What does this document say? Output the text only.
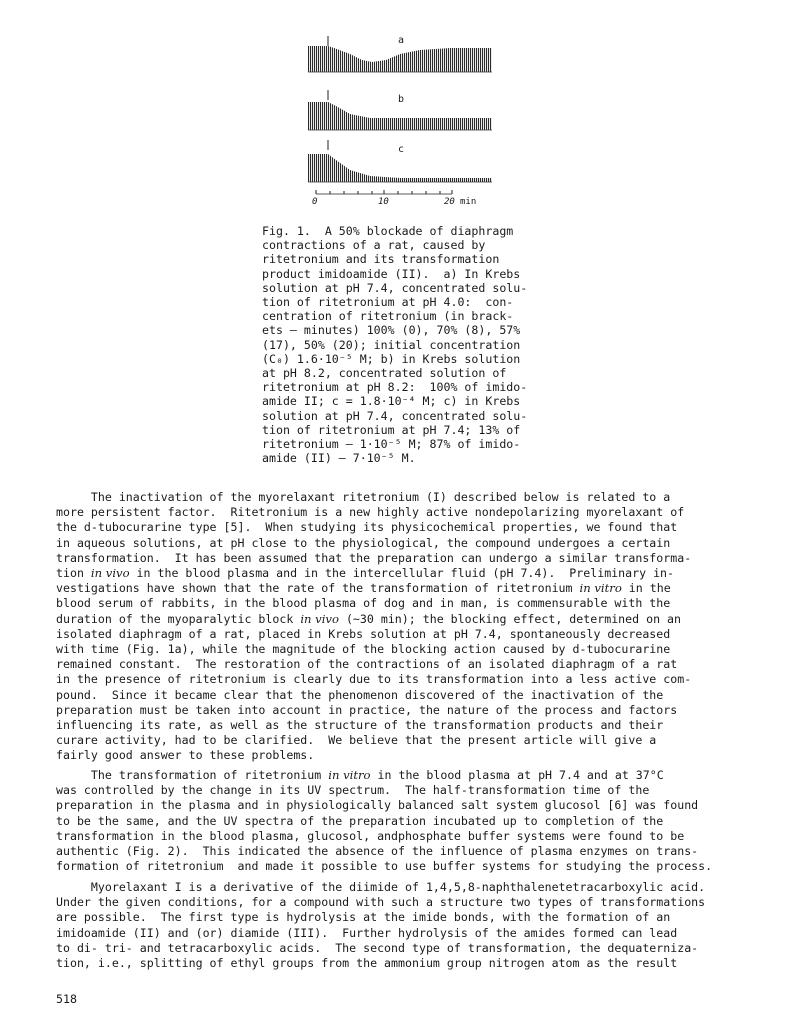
a
b
c
0	10	20 min
Fig. 1.  A 50% blockade of diaphragm
contractions of a rat, caused by
ritetronium and its transformation
product imidoamide (II).  a) In Krebs
solution at pH 7.4, concentrated solu-
tion of ritetronium at pH 4.0:  con-
centration of ritetronium (in brack-
ets — minutes) 100% (0), 70% (8), 57%
(17), 50% (20); initial concentration
(C₀) 1.6·10⁻⁵ M; b) in Krebs solution
at pH 8.2, concentrated solution of
ritetronium at pH 8.2:  100% of imido-
amide II; c = 1.8·10⁻⁴ M; c) in Krebs
solution at pH 7.4, concentrated solu-
tion of ritetronium at pH 7.4; 13% of
ritetronium — 1·10⁻⁵ M; 87% of imido-
amide (II) — 7·10⁻⁵ M.
The inactivation of the myorelaxant ritetronium (I) described below is related to a
more persistent factor.  Ritetronium is a new highly active nondepolarizing myorelaxant of
the d-tubocurarine type [5].  When studying its physicochemical properties, we found that
in aqueous solutions, at pH close to the physiological, the compound undergoes a certain
transformation.  It has been assumed that the preparation can undergo a similar transforma-
tion in vivo in the blood plasma and in the intercellular fluid (pH 7.4).  Preliminary in-
vestigations have shown that the rate of the transformation of ritetronium in vitro in the
blood serum of rabbits, in the blood plasma of dog and in man, is commensurable with the
duration of the myoparalytic block in vivo (~30 min); the blocking effect, determined on an
isolated diaphragm of a rat, placed in Krebs solution at pH 7.4, spontaneously decreased
with time (Fig. 1a), while the magnitude of the blocking action caused by d-tubocurarine
remained constant.  The restoration of the contractions of an isolated diaphragm of a rat
in the presence of ritetronium is clearly due to its transformation into a less active com-
pound.  Since it became clear that the phenomenon discovered of the inactivation of the
preparation must be taken into account in practice, the nature of the process and factors
influencing its rate, as well as the structure of the transformation products and their
curare activity, had to be clarified.  We believe that the present article will give a
fairly good answer to these problems.
The transformation of ritetronium in vitro in the blood plasma at pH 7.4 and at 37°C
was controlled by the change in its UV spectrum.  The half-transformation time of the
preparation in the plasma and in physiologically balanced salt system glucosol [6] was found
to be the same, and the UV spectra of the preparation incubated up to completion of the
transformation in the blood plasma, glucosol, andphosphate buffer systems were found to be
authentic (Fig. 2).  This indicated the absence of the influence of plasma enzymes on trans-
formation of ritetronium  and made it possible to use buffer systems for studying the process.
Myorelaxant I is a derivative of the diimide of 1,4,5,8-naphthalenetetracarboxylic acid.
Under the given conditions, for a compound with such a structure two types of transformations
are possible.  The first type is hydrolysis at the imide bonds, with the formation of an
imidoamide (II) and (or) diamide (III).  Further hydrolysis of the amides formed can lead
to di- tri- and tetracarboxylic acids.  The second type of transformation, the dequaterniza-
tion, i.e., splitting of ethyl groups from the ammonium group nitrogen atom as the result
518
